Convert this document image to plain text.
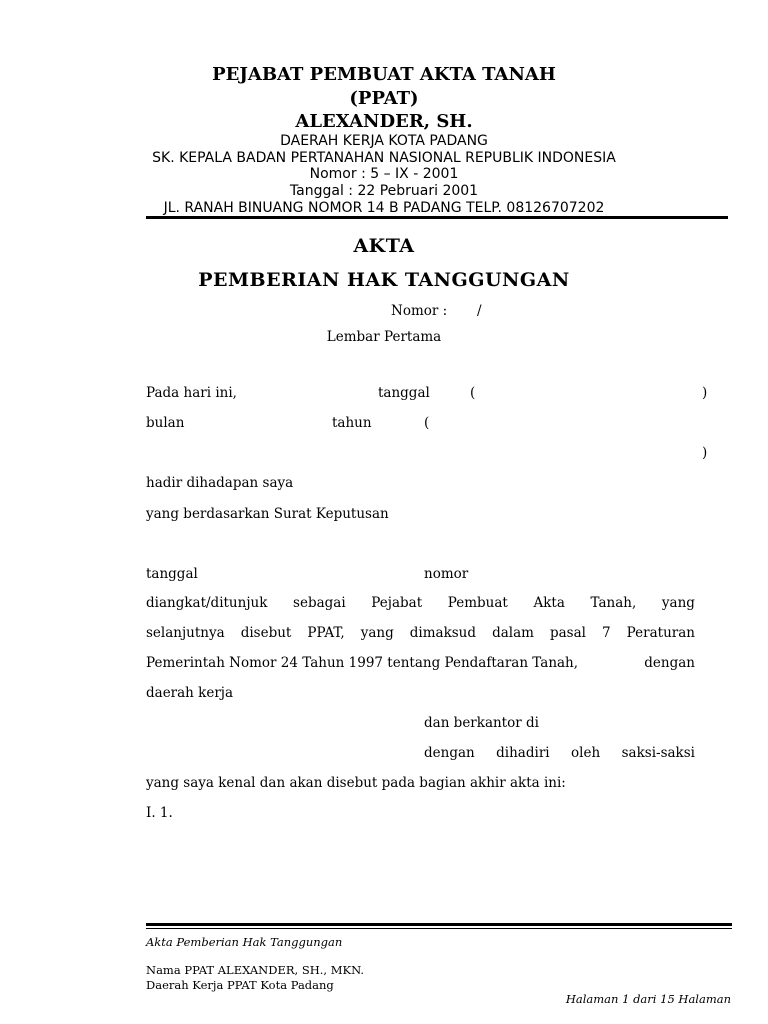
PEJABAT PEMBUAT AKTA TANAH
(PPAT)
ALEXANDER, SH.
DAERAH KERJA KOTA PADANG
SK. KEPALA BADAN PERTANAHAN NASIONAL REPUBLIK INDONESIA
Nomor : 5 – IX - 2001
Tanggal : 22 Pebruari 2001
JL. RANAH BINUANG NOMOR 14 B PADANG TELP. 08126707202
AKTA
PEMBERIAN HAK TANGGUNGAN
Nomor : /
Lembar Pertama
Pada hari ini,	tanggal	(	)
bulan	tahun	(
)
hadir dihadapan saya
yang berdasarkan Surat Keputusan
tanggal	nomor
diangkat/ditunjuk sebagai Pejabat Pembuat Akta Tanah, yang
selanjutnya disebut PPAT, yang dimaksud dalam pasal 7 Peraturan
Pemerintah Nomor 24 Tahun 1997 tentang Pendaftaran Tanah,	dengan
daerah kerja
dan berkantor di
dengan dihadiri oleh saksi-saksi
yang saya kenal dan akan disebut pada bagian akhir akta ini:
I. 1.
Akta Pemberian Hak Tanggungan
Nama PPAT ALEXANDER, SH., MKN.
Daerah Kerja PPAT Kota Padang
Halaman 1 dari 15 Halaman
